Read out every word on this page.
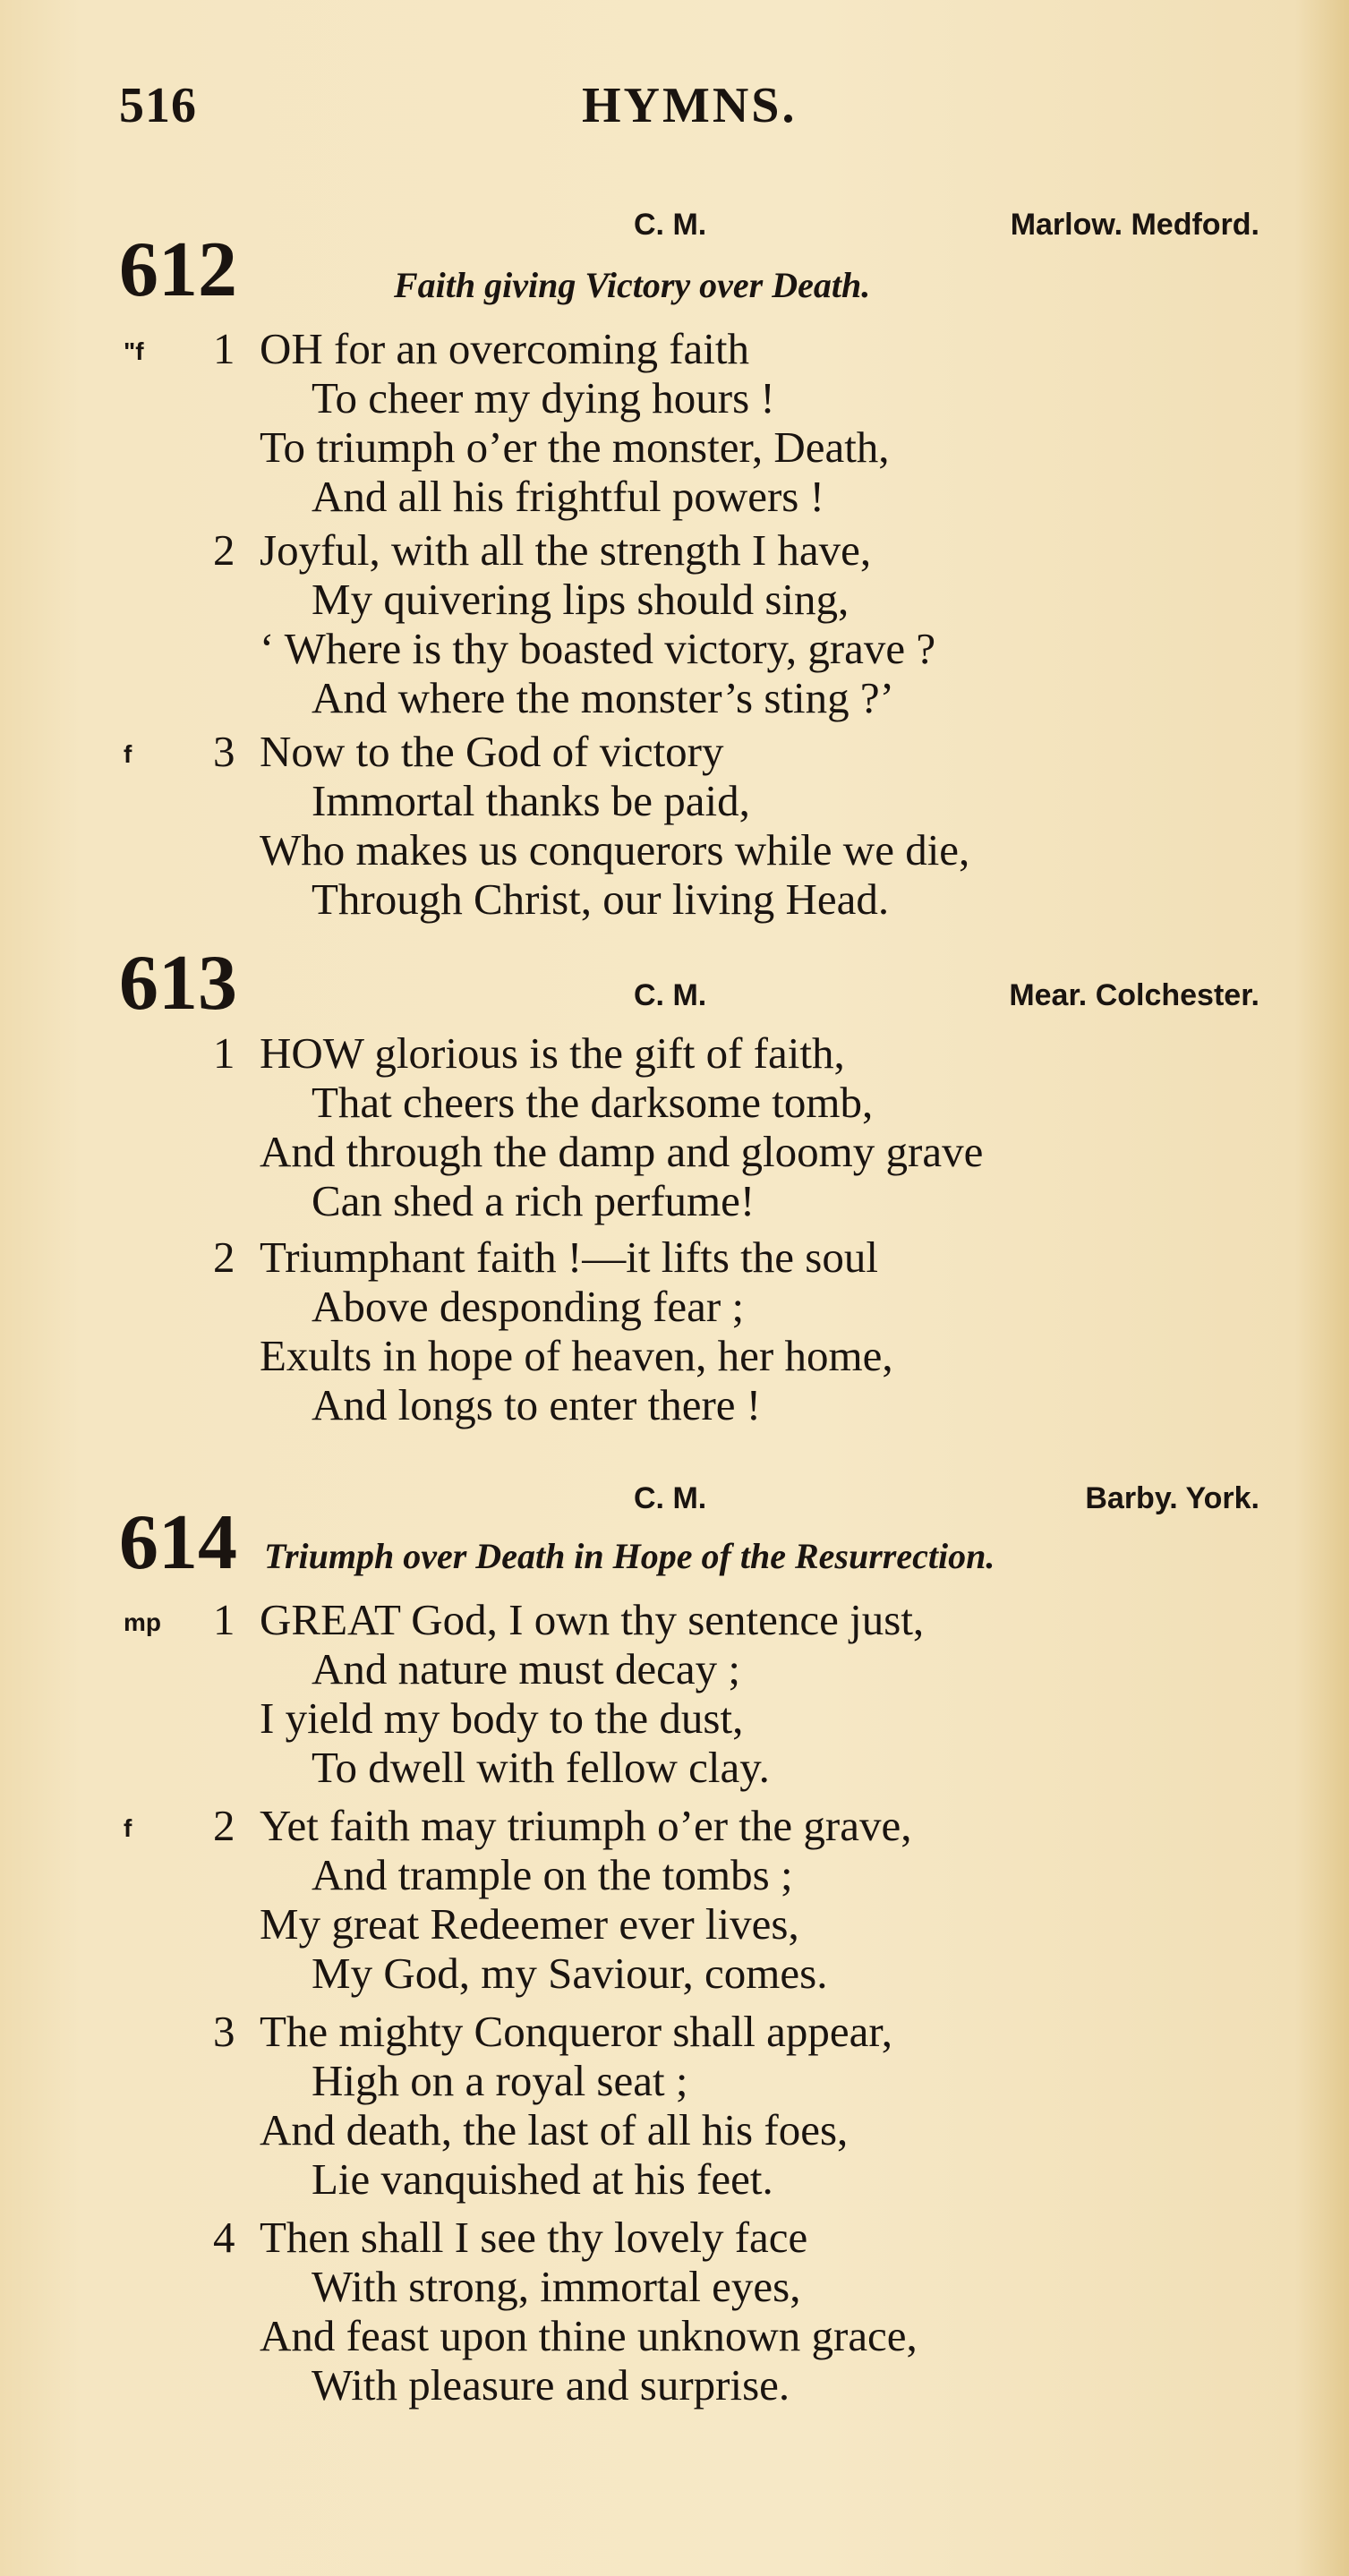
516	HYMNS.
612
C. M.	Marlow. Medford.
Faith giving Victory over Death.
"f 1 OH for an overcoming faith
To cheer my dying hours !
To triumph o’er the monster, Death,
And all his frightful powers !
2 Joyful, with all the strength I have,
My quivering lips should sing,
‘ Where is thy boasted victory, grave ?
And where the monster’s sting ?’
f 3 Now to the God of victory
Immortal thanks be paid,
Who makes us conquerors while we die,
Through Christ, our living Head.
613	C. M.	Mear. Colchester.
1 HOW glorious is the gift of faith,
That cheers the darksome tomb,
And through the damp and gloomy grave
Can shed a rich perfume!
2 Triumphant faith !—it lifts the soul
Above desponding fear ;
Exults in hope of heaven, her home,
And longs to enter there !
614
C. M.	Barby. York.
Triumph over Death in Hope of the Resurrection.
mp 1 GREAT God, I own thy sentence just,
And nature must decay ;
I yield my body to the dust,
To dwell with fellow clay.
f 2 Yet faith may triumph o’er the grave,
And trample on the tombs ;
My great Redeemer ever lives,
My God, my Saviour, comes.
3 The mighty Conqueror shall appear,
High on a royal seat ;
And death, the last of all his foes,
Lie vanquished at his feet.
4 Then shall I see thy lovely face
With strong, immortal eyes,
And feast upon thine unknown grace,
With pleasure and surprise.
